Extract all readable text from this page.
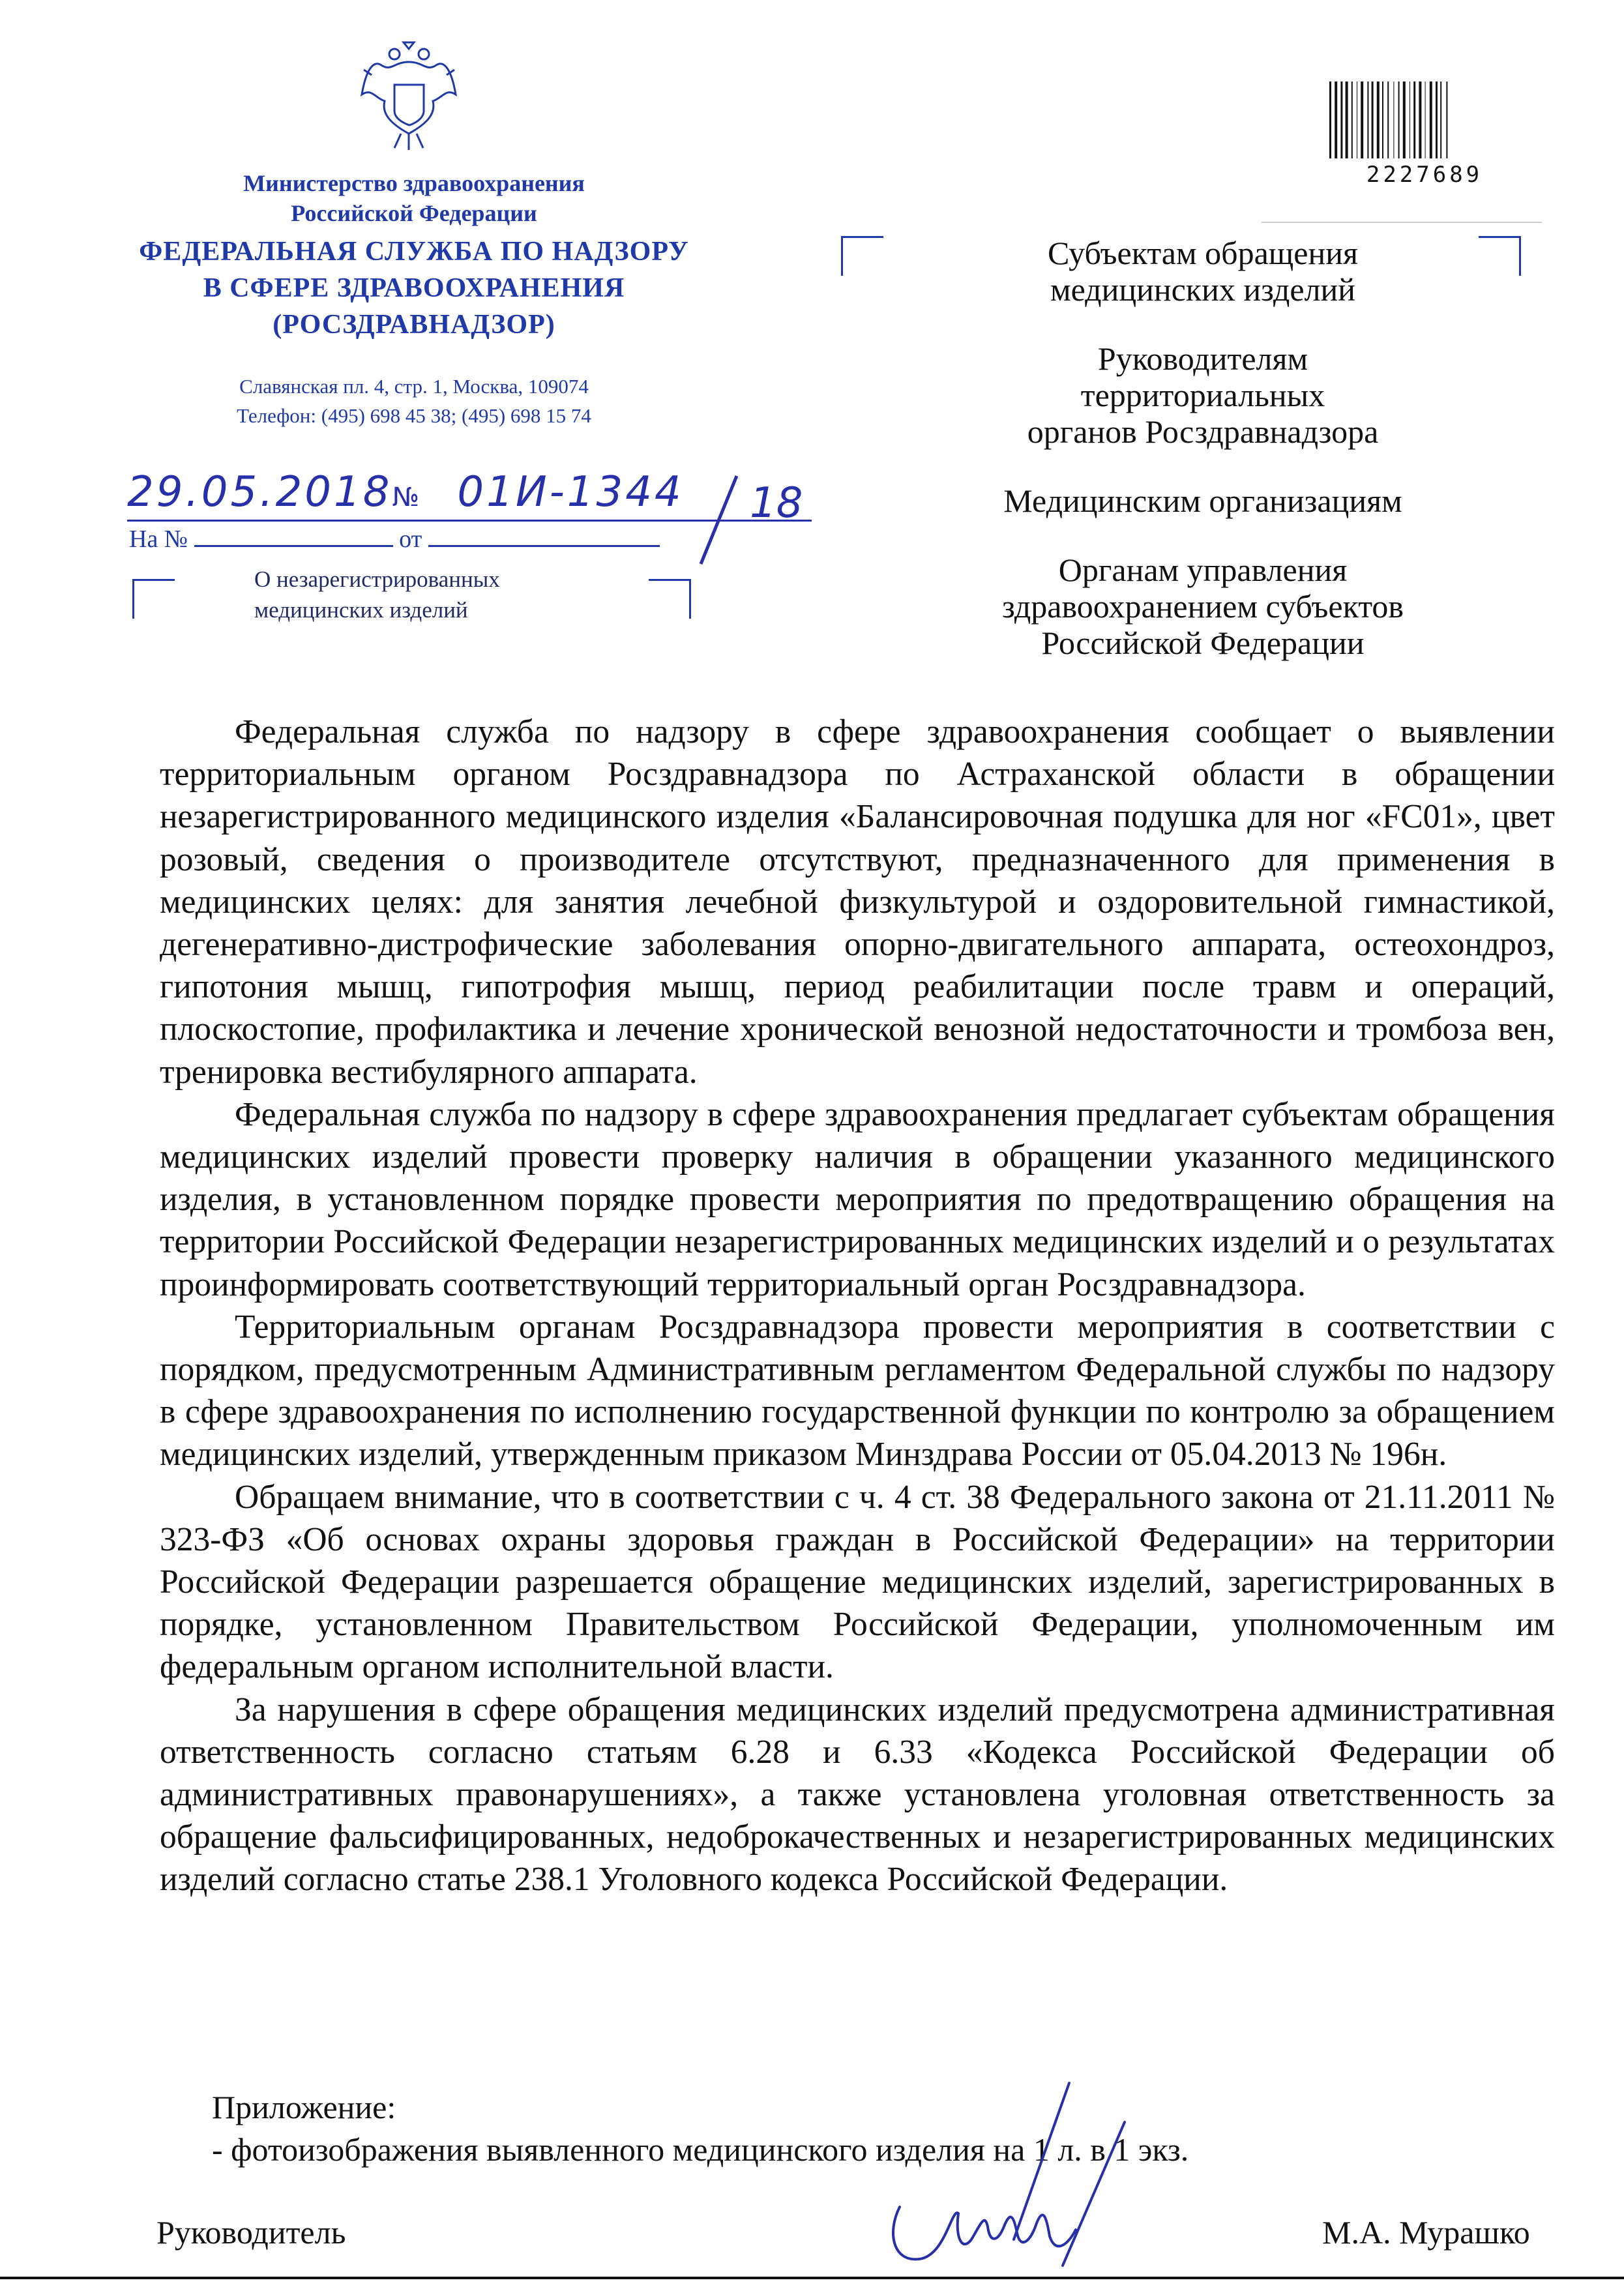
Министерство здравоохранения
Российской Федерации
ФЕДЕРАЛЬНАЯ СЛУЖБА ПО НАДЗОРУ
В СФЕРЕ ЗДРАВООХРАНЕНИЯ
(РОСЗДРАВНАДЗОР)
Славянская пл. 4, стр. 1, Москва, 109074
Телефон: (495) 698 45 38; (495) 698 15 74
29.05.2018№ 01И-1344	18
На №	от
О незарегистрированных
медицинских изделий
2227689
Субъектам обращения
медицинских изделий
Руководителям
территориальных
органов Росздравнадзора
Медицинским организациям
Органам управления
здравоохранением субъектов
Российской Федерации

Федеральная служба по надзору в сфере здравоохранения сообщает о выявлении территориальным органом Росздравнадзора по Астраханской области в обращении незарегистрированного медицинского изделия «Балансировочная подушка для ног «FC01», цвет розовый, сведения о производителе отсутствуют, предназначенного для применения в медицинских целях: для занятия лечебной физкультурой и оздоровительной гимнастикой, дегенеративно-дистрофические заболевания опорно-двигательного аппарата, остеохондроз, гипотония мышц, гипотрофия мышц, период реабилитации после травм и операций, плоскостопие, профилактика и лечение хронической венозной недостаточности и тромбоза вен, тренировка вестибулярного аппарата.

Федеральная служба по надзору в сфере здравоохранения предлагает субъектам обращения медицинских изделий провести проверку наличия в обращении указанного медицинского изделия, в установленном порядке провести мероприятия по предотвращению обращения на территории Российской Федерации незарегистрированных медицинских изделий и о результатах проинформировать соответствующий территориальный орган Росздравнадзора.

Территориальным органам Росздравнадзора провести мероприятия в соответствии с порядком, предусмотренным Административным регламентом Федеральной службы по надзору в сфере здравоохранения по исполнению государственной функции по контролю за обращением медицинских изделий, утвержденным приказом Минздрава России от 05.04.2013 № 196н.

Обращаем внимание, что в соответствии с ч. 4 ст. 38 Федерального закона от 21.11.2011 № 323-ФЗ «Об основах охраны здоровья граждан в Российской Федерации» на территории Российской Федерации разрешается обращение медицинских изделий, зарегистрированных в порядке, установленном Правительством Российской Федерации, уполномоченным им федеральным органом исполнительной власти.

За нарушения в сфере обращения медицинских изделий предусмотрена административная ответственность согласно статьям 6.28 и 6.33 «Кодекса Российской Федерации об административных правонарушениях», а также установлена уголовная ответственность за обращение фальсифицированных, недоброкачественных и незарегистрированных медицинских изделий согласно статье 238.1 Уголовного кодекса Российской Федерации.

Приложение:
- фотоизображения выявленного медицинского изделия на 1 л. в 1 экз.
Руководитель	М.А. Мурашко
